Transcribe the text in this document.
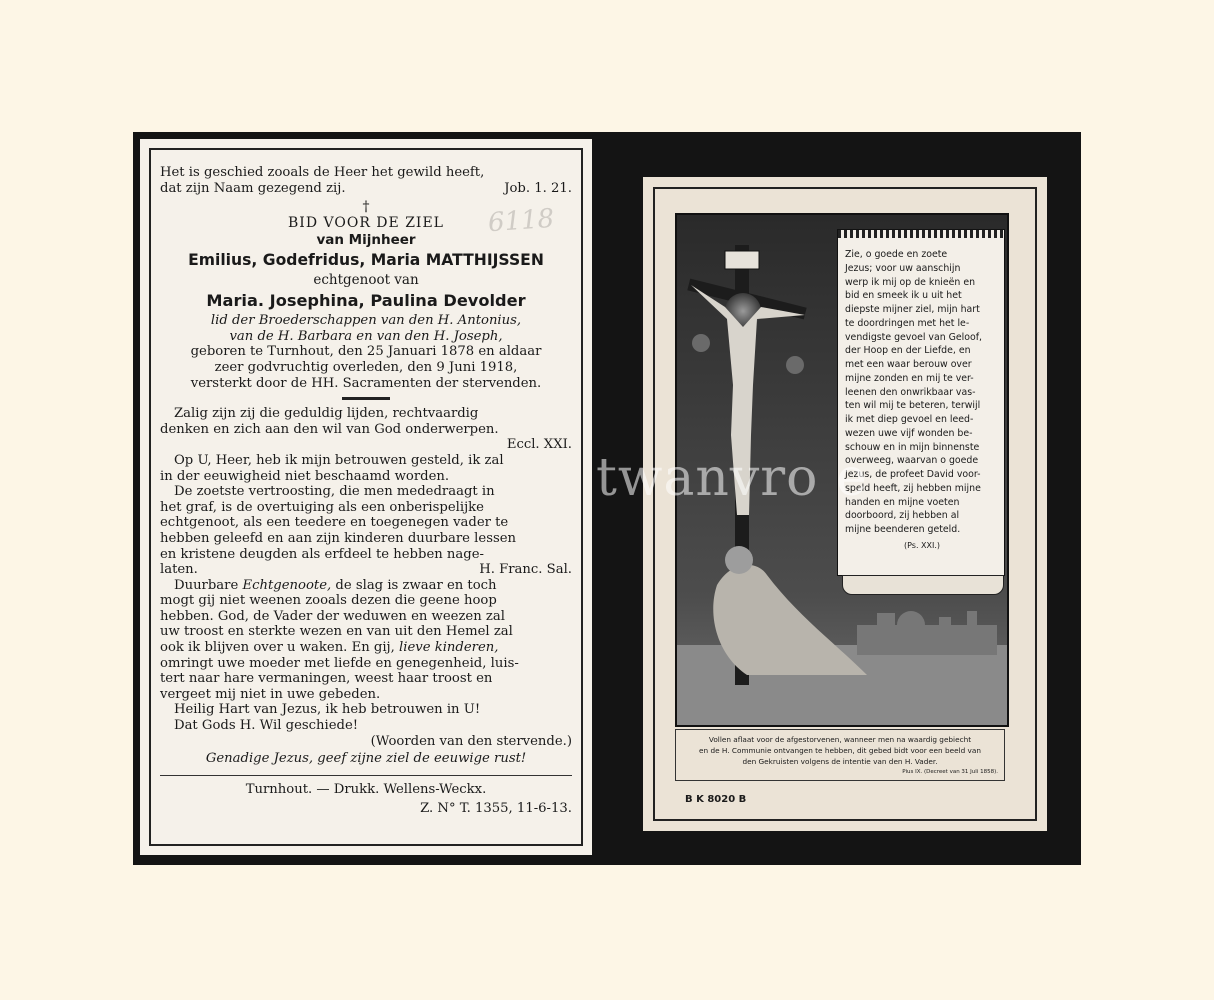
Het is geschied zooals de Heer het gewild heeft,
dat zijn Naam gezegend zij.	Job. 1. 21.
†
BID VOOR DE ZIEL
van Mijnheer
Emilius, Godefridus, Maria MATTHIJSSEN
echtgenoot van
Maria. Josephina, Paulina Devolder
lid der Broederschappen van den H. Antonius,
van de H. Barbara en van den H. Joseph,
geboren te Turnhout, den 25 Januari 1878 en aldaar
zeer godvruchtig overleden, den 9 Juni 1918,
versterkt door de HH. Sacramenten der stervenden.
Zalig zijn zij die geduldig lijden, rechtvaardig
denken en zich aan den wil van God onderwerpen.
Eccl. XXI.
Op U, Heer, heb ik mijn betrouwen gesteld, ik zal
in der eeuwigheid niet beschaamd worden.
De zoetste vertroosting, die men mededraagt in
het graf, is de overtuiging als een onberispelijke
echtgenoot, als een teedere en toegenegen vader te
hebben geleefd en aan zijn kinderen duurbare lessen
en kristene deugden als erfdeel te hebben nage-
laten.	H. Franc. Sal.
Duurbare Echtgenoote, de slag is zwaar en toch
mogt gij niet weenen zooals dezen die geene hoop
hebben. God, de Vader der weduwen en weezen zal
uw troost en sterkte wezen en van uit den Hemel zal
ook ik blijven over u waken. En gij, lieve kinderen,
omringt uwe moeder met liefde en genegenheid, luis-
tert naar hare vermaningen, weest haar troost en
vergeet mij niet in uwe gebeden.
Heilig Hart van Jezus, ik heb betrouwen in U!
Dat Gods H. Wil geschiede!
(Woorden van den stervende.)
Genadige Jezus, geef zijne ziel de eeuwige rust!
Turnhout. — Drukk. Wellens-Weckx.
Z. N° T. 1355, 11-6-13.
Zie, o goede en zoete
Jezus; voor uw aanschijn
werp ik mij op de knieën en
bid en smeek ik u uit het
diepste mijner ziel, mijn hart
te doordringen met het le-
vendigste gevoel van Geloof,
der Hoop en der Liefde, en
met een waar berouw over
mijne zonden en mij te ver-
leenen den onwrikbaar vas-
ten wil mij te beteren, terwijl
ik met diep gevoel en leed-
wezen uwe vijf wonden be-
schouw en in mijn binnenste
overweeg, waarvan o goede
Jezus, de profeet David voor-
speld heeft, zij hebben mijne
handen en mijne voeten
doorboord, zij hebben al
mijne beenderen geteld.
(Ps. XXI.)
Vollen aflaat voor de afgestorvenen, wanneer men na waardig gebiecht
en de H. Communie ontvangen te hebben, dit gebed bidt voor een beeld van
den Gekruisten volgens de intentie van den H. Vader.
Pius IX. (Decreet van 31 Juli 1858).
B K 8020 B
6118
twanvro e
